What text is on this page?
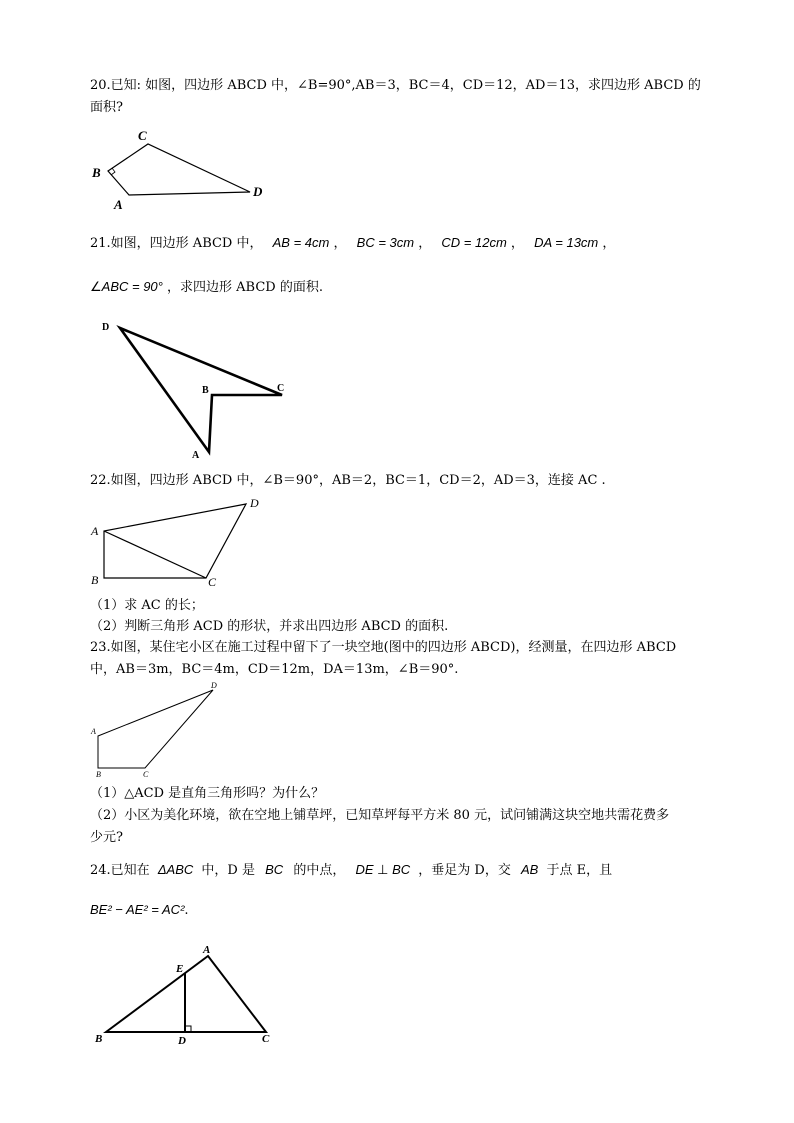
20.已知: 如图，四边形 ABCD 中，∠B=90°,AB＝3，BC＝4，CD＝12，AD＝13，求四边形 ABCD 的
面积?
C
B
A
D
21.如图，四边形 ABCD 中， AB = 4cm ， BC = 3cm ， CD = 12cm ， DA = 13cm ，
∠ABC = 90° ，求四边形 ABCD 的面积.
D
B	C
A
22.如图，四边形 ABCD 中，∠B＝90°，AB＝2，BC＝1，CD＝2，AD＝3，连接 AC .
A
B	C
D
（1）求 AC 的长；
（2）判断三角形 ACD 的形状，并求出四边形 ABCD 的面积.
23.如图，某住宅小区在施工过程中留下了一块空地(图中的四边形 ABCD)，经测量，在四边形 ABCD
中，AB＝3m，BC＝4m，CD＝12m，DA＝13m，∠B＝90°.
A
B	C
D
（1）△ACD 是直角三角形吗？为什么？
（2）小区为美化环境，欲在空地上铺草坪，已知草坪每平方米 80 元，试问铺满这块空地共需花费多
少元?
24.已知在 ΔABC 中，D 是 BC 的中点， DE ⊥ BC ，垂足为 D，交 AB 于点 E，且
BE² − AE² = AC².
A
E
B	D	C
